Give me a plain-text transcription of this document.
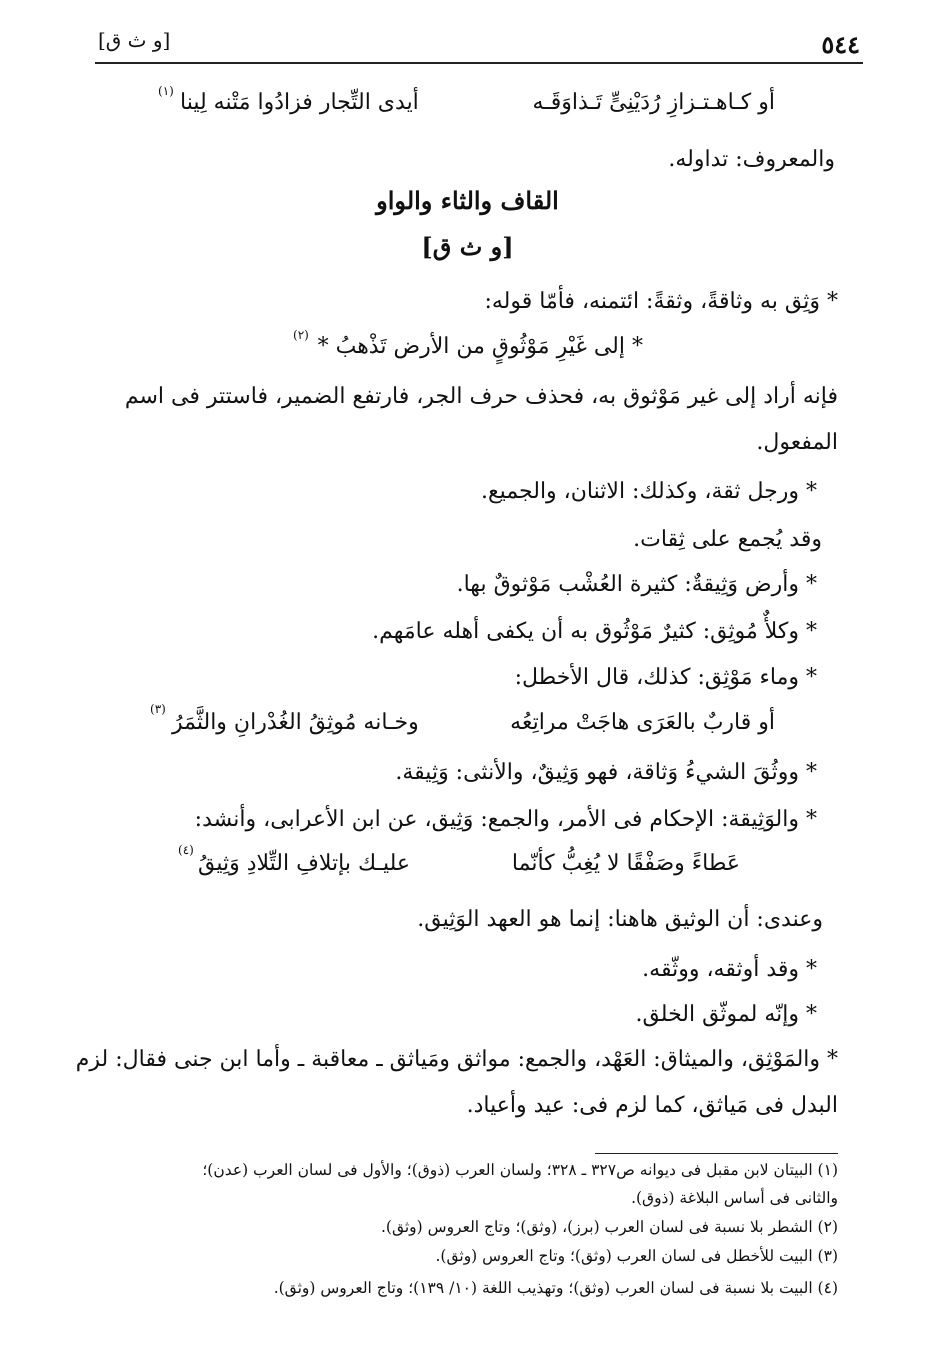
٥٤٤
[و ث ق]
أو كـاهـتـزازِ رُدَيْنِىٍّ تَـذاوَقَـه
أيدى التِّجار فزادُوا مَتْنه لِينا
(١)
والمعروف: تداوله.
القاف والثاء والواو
[و ث ق]
* وَثِق به وثاقةً، وثقةً: ائتمنه، فأمّا قوله:
* إلى غَيْرِ مَوْثُوقٍ من الأرض تَذْهبُ *
(٢)
فإنه أراد إلى غير مَوْثوق به، فحذف حرف الجر، فارتفع الضمير، فاستتر فى اسم
المفعول.
* ورجل ثقة، وكذلك: الاثنان، والجميع.
وقد يُجمع على ثِقات.
* وأرض وَثِيقةٌ: كثيرة العُشْب مَوْثوقٌ بها.
* وكلأٌ مُوثِق: كثيرٌ مَوْثُوق به أن يكفى أهله عامَهم.
* وماء مَوْثِق: كذلك، قال الأخطل:
أو قاربٌ بالعَرَى هاجَتْ مراتِعُه
وخـانه مُوثِقُ الغُدْرانِ والثَّمَرُ
(٣)
* ووثُقَ الشيءُ وَثاقة، فهو وَثِيقٌ، والأنثى: وَثِيقة.
* والوَثِيقة: الإحكام فى الأمر، والجمع: وَثِيق، عن ابن الأعرابى، وأنشد:
عَطاءً وصَفْقًا لا يُغِبُّ كأنّما
عليـك بإتلافِ التِّلادِ وَثِيقُ
(٤)
وعندى: أن الوثيق هاهنا: إنما هو العهد الوَثِيق.
* وقد أوثقه، ووثّقه.
* وإنّه لموثّق الخلق.
* والمَوْثِق، والميثاق: العَهْد، والجمع: مواثق ومَياثق ـ معاقبة ـ وأما ابن جنى فقال: لزم
البدل فى مَياثق، كما لزم فى: عيد وأعياد.
(١) البيتان لابن مقبل فى ديوانه ص٣٢٧ ـ ٣٢٨؛ ولسان العرب (ذوق)؛ والأول فى لسان العرب (عدن)؛
والثانى فى أساس البلاغة (ذوق).
(٢) الشطر بلا نسبة فى لسان العرب (برز)، (وثق)؛ وتاج العروس (وثق).
(٣) البيت للأخطل فى لسان العرب (وثق)؛ وتاج العروس (وثق).
(٤) البيت بلا نسبة فى لسان العرب (وثق)؛ وتهذيب اللغة (١٠/ ١٣٩)؛ وتاج العروس (وثق).
